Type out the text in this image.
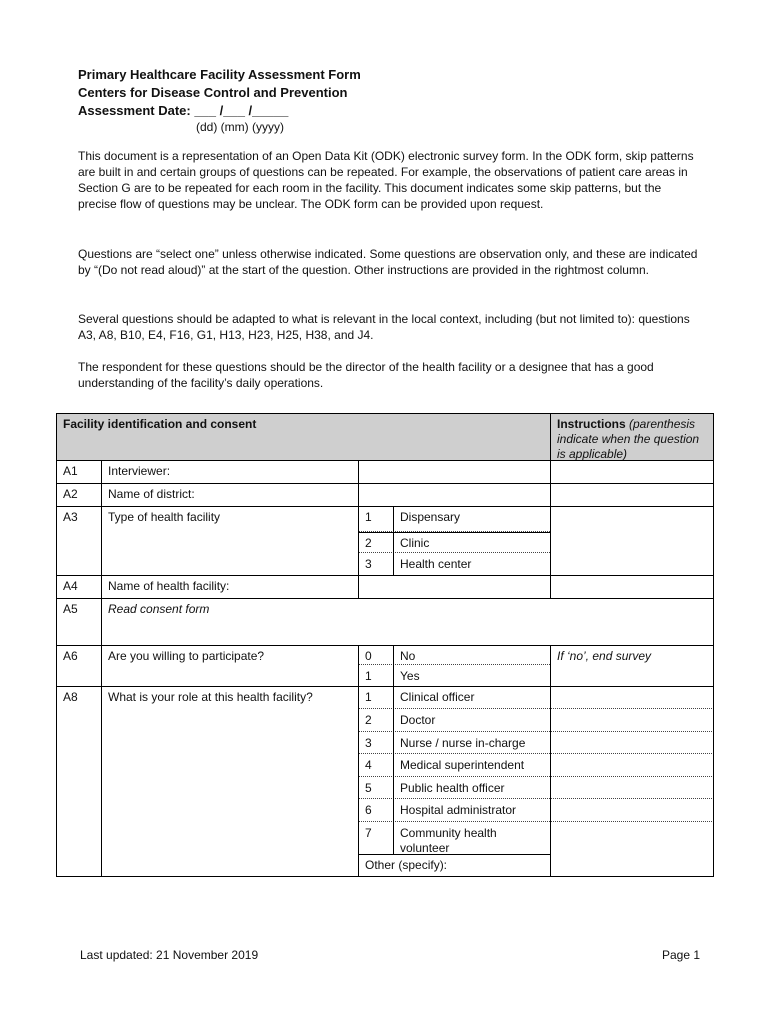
Primary Healthcare Facility Assessment Form
Centers for Disease Control and Prevention
Assessment Date: ___ /___ /_____
(dd) (mm) (yyyy)

This document is a representation of an Open Data Kit (ODK) electronic survey form. In the ODK form, skip patterns are built in and certain groups of questions can be repeated. For example, the observations of patient care areas in Section G are to be repeated for each room in the facility. This document indicates some skip patterns, but the precise flow of questions may be unclear. The ODK form can be provided upon request.

Questions are “select one” unless otherwise indicated. Some questions are observation only, and these are indicated by “(Do not read aloud)” at the start of the question. Other instructions are provided in the rightmost column.

Several questions should be adapted to what is relevant in the local context, including (but not limited to): questions A3, A8, B10, E4, F16, G1, H13, H23, H25, H38, and J4.

The respondent for these questions should be the director of the health facility or a designee that has a good understanding of the facility’s daily operations.

Facility identification and consent	Instructions (parenthesis indicate when the question is applicable)
A1	Interviewer:
A2	Name of district:
A3	Type of health facility	1	Dispensary
2	Clinic
3	Health center
A4	Name of health facility:
A5	Read consent form
A6	Are you willing to participate?	0	No
1	Yes
If ‘no’, end survey
A8	What is your role at this health facility?	1	Clinical officer
2	Doctor
3	Nurse / nurse in-charge
4	Medical superintendent
5	Public health officer
6	Hospital administrator
7	Community health volunteer
Other (specify):
Last updated: 21 November 2019	Page 1
